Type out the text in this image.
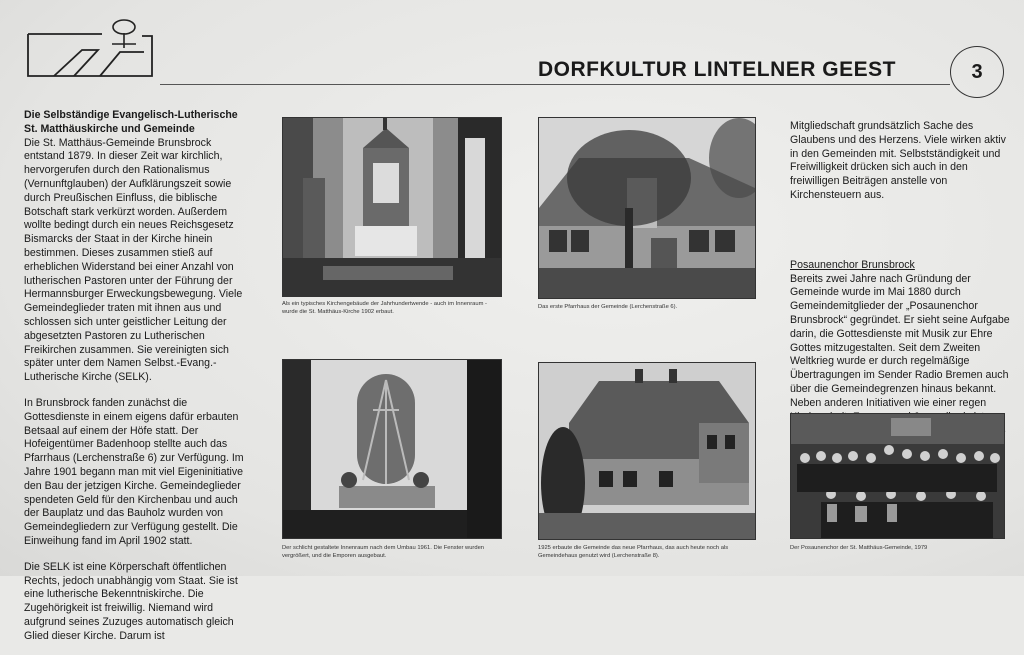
DORFKULTUR LINTELNER GEEST	3
Die Selbständige Evangelisch-Lutherische St. Matthäuskirche und Gemeinde

Die St. Matthäus-Gemeinde Brunsbrock entstand 1879. In dieser Zeit war kirchlich, hervorgerufen durch den Rationalismus (Vernunftglauben) der Aufklärungszeit sowie durch Preußischen Einfluss, die biblische Botschaft stark verkürzt worden. Außerdem wollte bedingt durch ein neues Reichsgesetz Bismarcks der Staat in der Kirche hinein bestimmen. Dieses zusammen stieß auf erheblichen Widerstand bei einer Anzahl von lutherischen Pastoren unter der Führung der Hermannsburger Erweckungsbewegung. Viele Gemeindeglieder traten mit ihnen aus und schlossen sich unter geistlicher Leitung der abgesetzten Pastoren zu Lutherischen Freikirchen zusammen. Sie vereinigten sich später unter dem Namen Selbst.-Evang.-Lutherische Kirche (SELK).

In Brunsbrock fanden zunächst die Gottesdienste in einem eigens dafür erbauten Betsaal auf einem der Höfe statt. Der Hofeigentümer Badenhoop stellte auch das Pfarrhaus (Lerchenstraße 6) zur Verfügung. Im Jahre 1901 begann man mit viel Eigeninitiative den Bau der jetzigen Kirche. Gemeindeglieder spendeten Geld für den Kirchenbau und auch der Bauplatz und das Bauholz wurden von Gemeindegliedern zur Verfügung gestellt. Die Einweihung fand im April 1902 statt.

Die SELK ist eine Körperschaft öffentlichen Rechts, jedoch unabhängig vom Staat. Sie ist eine lutherische Bekenntniskirche. Die Zugehörigkeit ist freiwillig. Niemand wird aufgrund seines Zuzuges automatisch gleich Glied dieser Kirche. Darum ist

Als ein typisches Kirchengebäude der Jahrhundertwende - auch im Innenraum - wurde die St. Matthäus-Kirche 1902 erbaut.
Das erste Pfarrhaus der Gemeinde (Lerchenstraße 6).

Mitgliedschaft grundsätzlich Sache des Glaubens und des Herzens. Viele wirken aktiv in den Gemeinden mit. Selbstständigkeit und Freiwilligkeit drücken sich auch in den freiwilligen Beiträgen anstelle von Kirchensteuern aus.

Posaunenchor Brunsbrock

Bereits zwei Jahre nach Gründung der Gemeinde wurde im Mai 1880 durch Gemeindemitglieder der „Posaunenchor Brunsbrock“ gegründet. Er sieht seine Aufgabe darin, die Gottesdienste mit Musik zur Ehre Gottes mitzugestalten. Seit dem Zweiten Weltkrieg wurde er durch regelmäßige Übertragungen im Sender Radio Bremen auch über die Gemeindegrenzen hinaus bekannt. Neben anderen Initiativen wie einer regen

Der schlicht gestaltete Innenraum nach dem Umbau 1961. Die Fenster wurden vergrößert, und die Emporen ausgebaut.
1925 erbaute die Gemeinde das neue Pfarrhaus, das auch heute noch als Gemeindehaus genutzt wird (Lerchenstraße 8).
Der Posaunenchor der St. Matthäus-Gemeinde, 1979
